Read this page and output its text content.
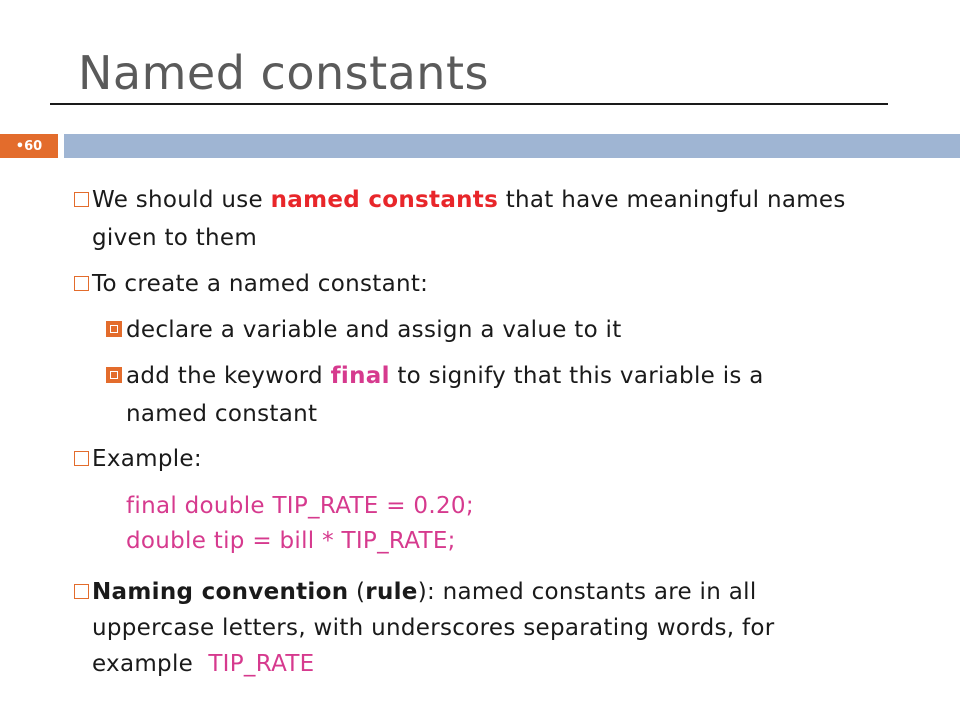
Named constants
•60
We should use named constants that have meaningful names
given to them
To create a named constant:
declare a variable and assign a value to it
add the keyword final to signify that this variable is a
named constant
Example:
final double TIP_RATE = 0.20;
double tip = bill * TIP_RATE;
Naming convention (rule): named constants are in all
uppercase letters, with underscores separating words, for
example  TIP_RATE
